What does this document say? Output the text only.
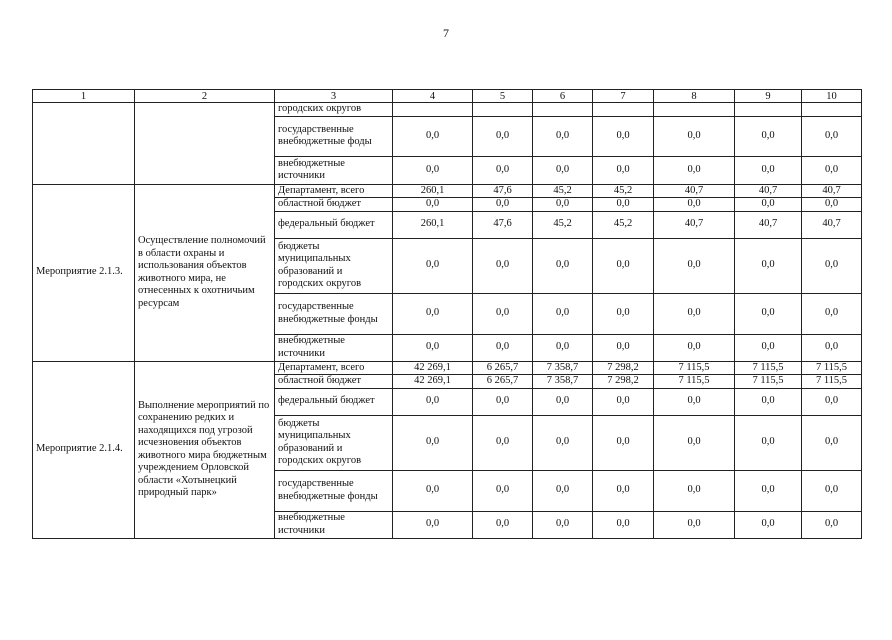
7
1	2	3	4	5	6	7	8	9	10
		городских округов							
		государственные внебюджетные фоды	0,0	0,0	0,0	0,0	0,0	0,0	0,0
		внебюджетные источники	0,0	0,0	0,0	0,0	0,0	0,0	0,0
Мероприятие 2.1.3.	Осуществление полномочий в области охраны и использования объектов животного мира, не отнесенных к охотничьим ресурсам	Департамент, всего	260,1	47,6	45,2	45,2	40,7	40,7	40,7
		областной бюджет	0,0	0,0	0,0	0,0	0,0	0,0	0,0
		федеральный бюджет	260,1	47,6	45,2	45,2	40,7	40,7	40,7
		бюджеты муниципальных образований и городских округов	0,0	0,0	0,0	0,0	0,0	0,0	0,0
		государственные внебюджетные фонды	0,0	0,0	0,0	0,0	0,0	0,0	0,0
		внебюджетные источники	0,0	0,0	0,0	0,0	0,0	0,0	0,0
Мероприятие 2.1.4.	Выполнение мероприятий по сохранению редких и находящихся под угрозой исчезновения объектов животного мира бюджетным учреждением Орловской области «Хотынецкий природный парк»	Департамент, всего	42 269,1	6 265,7	7 358,7	7 298,2	7 115,5	7 115,5	7 115,5
		областной бюджет	42 269,1	6 265,7	7 358,7	7 298,2	7 115,5	7 115,5	7 115,5
		федеральный бюджет	0,0	0,0	0,0	0,0	0,0	0,0	0,0
		бюджеты муниципальных образований и городских округов	0,0	0,0	0,0	0,0	0,0	0,0	0,0
		государственные внебюджетные фонды	0,0	0,0	0,0	0,0	0,0	0,0	0,0
		внебюджетные источники	0,0	0,0	0,0	0,0	0,0	0,0	0,0
